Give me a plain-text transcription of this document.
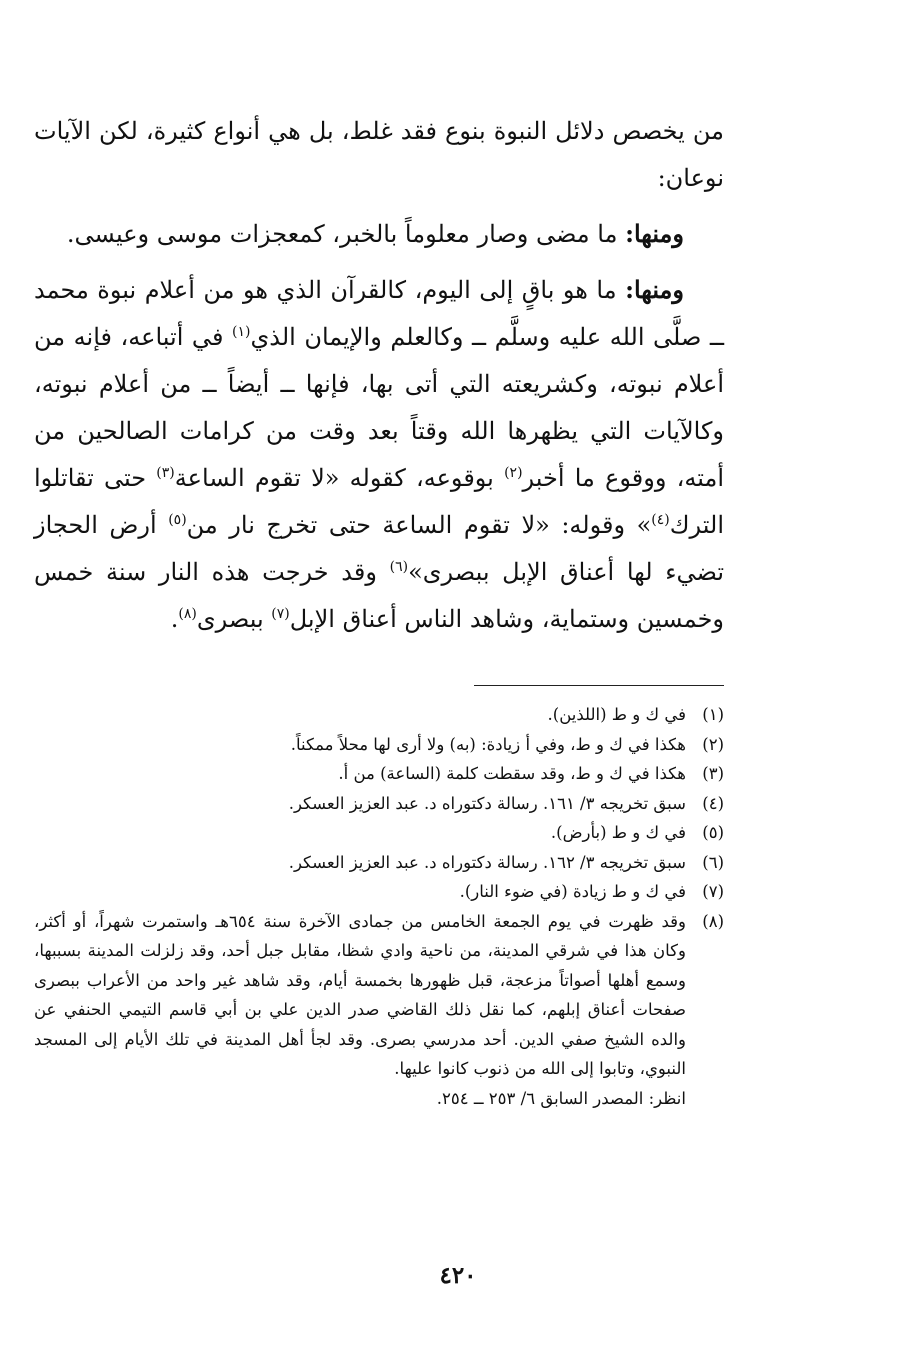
من يخصص دلائل النبوة بنوع فقد غلط، بل هي أنواع كثيرة، لكن الآيات نوعان:

ومنها: ما مضى وصار معلوماً بالخبر، كمعجزات موسى وعيسى.

ومنها: ما هو باقٍ إلى اليوم، كالقرآن الذي هو من أعلام نبوة محمد ــ صلَّى الله عليه وسلَّم ــ وكالعلم والإيمان الذي$^{(١)}$ في أتباعه، فإنه من أعلام نبوته، وكشريعته التي أتى بها، فإنها ــ أيضاً ــ من أعلام نبوته، وكالآيات التي يظهرها الله وقتاً بعد وقت من كرامات الصالحين من أمته، ووقوع ما أخبر$^{(٢)}$ بوقوعه، كقوله «لا تقوم الساعة$^{(٣)}$ حتى تقاتلوا الترك$^{(٤)}$» وقوله: «لا تقوم الساعة حتى تخرج نار من$^{(٥)}$ أرض الحجاز تضيء لها أعناق الإبل ببصرى»$^{(٦)}$ وقد خرجت هذه النار سنة خمس وخمسين وستماية، وشاهد الناس أعناق الإبل$^{(٧)}$ ببصرى$^{(٨)}$.

(١)

في ك و ط (اللذين).

(٢)

هكذا في ك و ط، وفي أ زيادة: (به) ولا أرى لها محلاً ممكناً.

(٣)

هكذا في ك و ط، وقد سقطت كلمة (الساعة) من أ.

(٤)

سبق تخريجه ٣/ ١٦١. رسالة دكتوراه د. عبد العزيز العسكر.

(٥)

في ك و ط (بأرض).

(٦)

سبق تخريجه ٣/ ١٦٢. رسالة دكتوراه د. عبد العزيز العسكر.

(٧)

في ك و ط زيادة (في ضوء النار).

(٨)

وقد ظهرت في يوم الجمعة الخامس من جمادى الآخرة سنة ٦٥٤هـ واستمرت شهراً، أو أكثر، وكان هذا في شرقي المدينة، من ناحية وادي شظا، مقابل جبل أحد، وقد زلزلت المدينة بسببها، وسمع أهلها أصواتاً مزعجة، قبل ظهورها بخمسة أيام، وقد شاهد غير واحد من الأعراب ببصرى صفحات أعناق إبلهم، كما نقل ذلك القاضي صدر الدين علي بن أبي قاسم التيمي الحنفي عن والده الشيخ صفي الدين. أحد مدرسي بصرى. وقد لجأ أهل المدينة في تلك الأيام إلى المسجد النبوي، وتابوا إلى الله من ذنوب كانوا عليها.

انظر: المصدر السابق ٦/ ٢٥٣ ــ ٢٥٤.

٤٢٠
